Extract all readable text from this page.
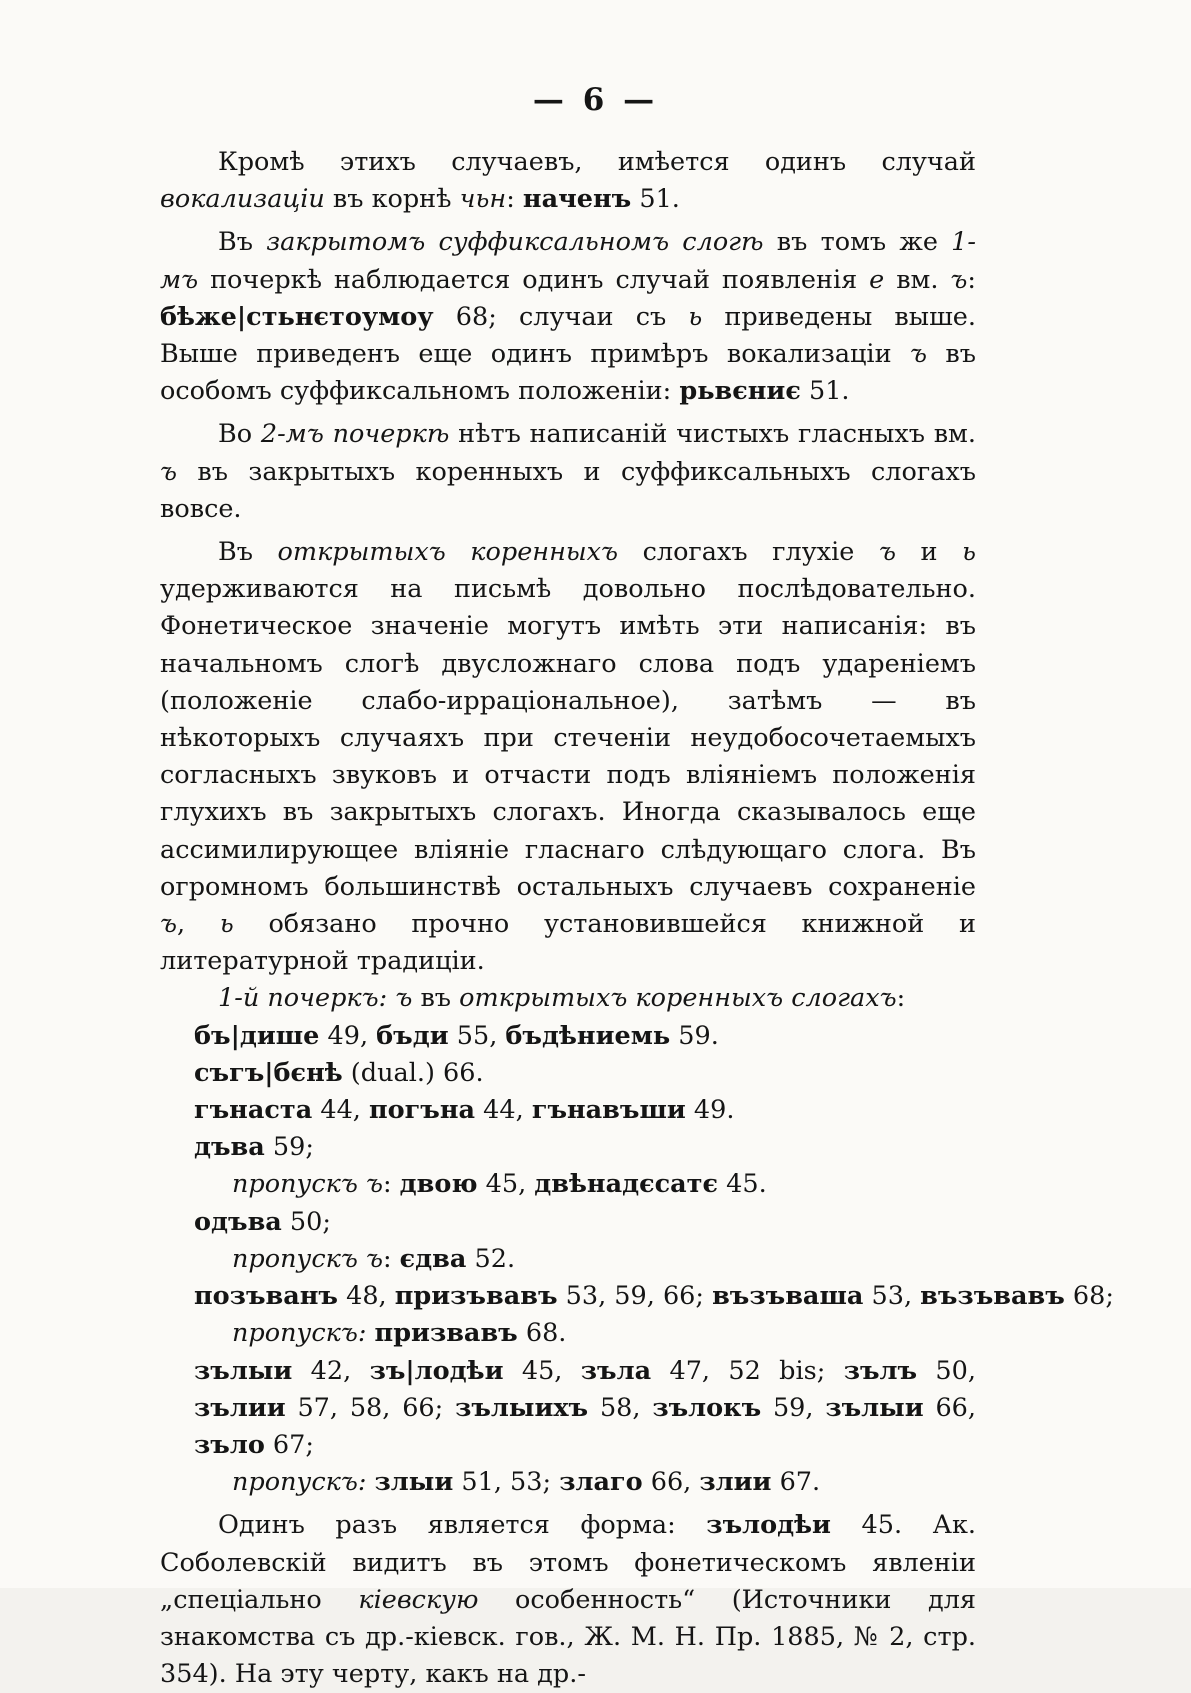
— 6 —

Кромѣ этихъ случаевъ, имѣется одинъ случай вокализаціи въ корнѣ чьн: наченъ 51.

Въ закрытомъ суффиксальномъ слогѣ въ томъ же 1-мъ почеркѣ наблюдается одинъ случай появленія е вм. ъ: бѣже|стьнєтоумоу 68; случаи съ ь приведены выше. Выше приведенъ еще одинъ примѣръ вокализаціи ъ въ особомъ суффиксальномъ положеніи: рьвєниє 51.

Во 2-мъ почеркѣ нѣтъ написаній чистыхъ гласныхъ вм. ъ въ закрытыхъ коренныхъ и суффиксальныхъ слогахъ вовсе.

Въ открытыхъ коренныхъ слогахъ глухіе ъ и ь удерживаются на письмѣ довольно послѣдовательно. Фонетическое значеніе могутъ имѣть эти написанія: въ начальномъ слогѣ двусложнаго слова подъ удареніемъ (положеніе слабо-ирраціональное), затѣмъ — въ нѣкоторыхъ случаяхъ при стеченіи неудобосочетаемыхъ согласныхъ звуковъ и отчасти подъ вліяніемъ положенія глухихъ въ закрытыхъ слогахъ. Иногда сказывалось еще ассимилирующее вліяніе гласнаго слѣдующаго слога. Въ огромномъ большинствѣ остальныхъ случаевъ сохраненіе ъ, ь обязано прочно установившейся книжной и литературной традиціи.

1-й почеркъ: ъ въ открытыхъ коренныхъ слогахъ:

бъ|дише 49, бъди 55, бъдѣниемь 59.

съгъ|бєнѣ (dual.) 66.

гънаста 44, погъна 44, гънавъши 49.

дъва 59;

пропускъ ъ: двою 45, двѣнадєсатє 45.

одъва 50;

пропускъ ъ: єдва 52.

позъванъ 48, призъвавъ 53, 59, 66; възъваша 53, възъвавъ 68;

пропускъ: призвавъ 68.

зълыи 42, зъ|лодѣи 45, зъла 47, 52 bis; зълъ 50, зълии 57, 58, 66; зълыихъ 58, зълокъ 59, зълыи 66, зъло 67;

пропускъ: злыи 51, 53; злаго 66, злии 67.

Одинъ разъ является форма: зълодѣи 45. Ак. Соболевскій видитъ въ этомъ фонетическомъ явленіи „спеціально кіевскую особенность“ (Источники для знакомства съ др.-кіевск. гов., Ж. М. Н. Пр. 1885, № 2, стр. 354). На эту черту, какъ на др.-
